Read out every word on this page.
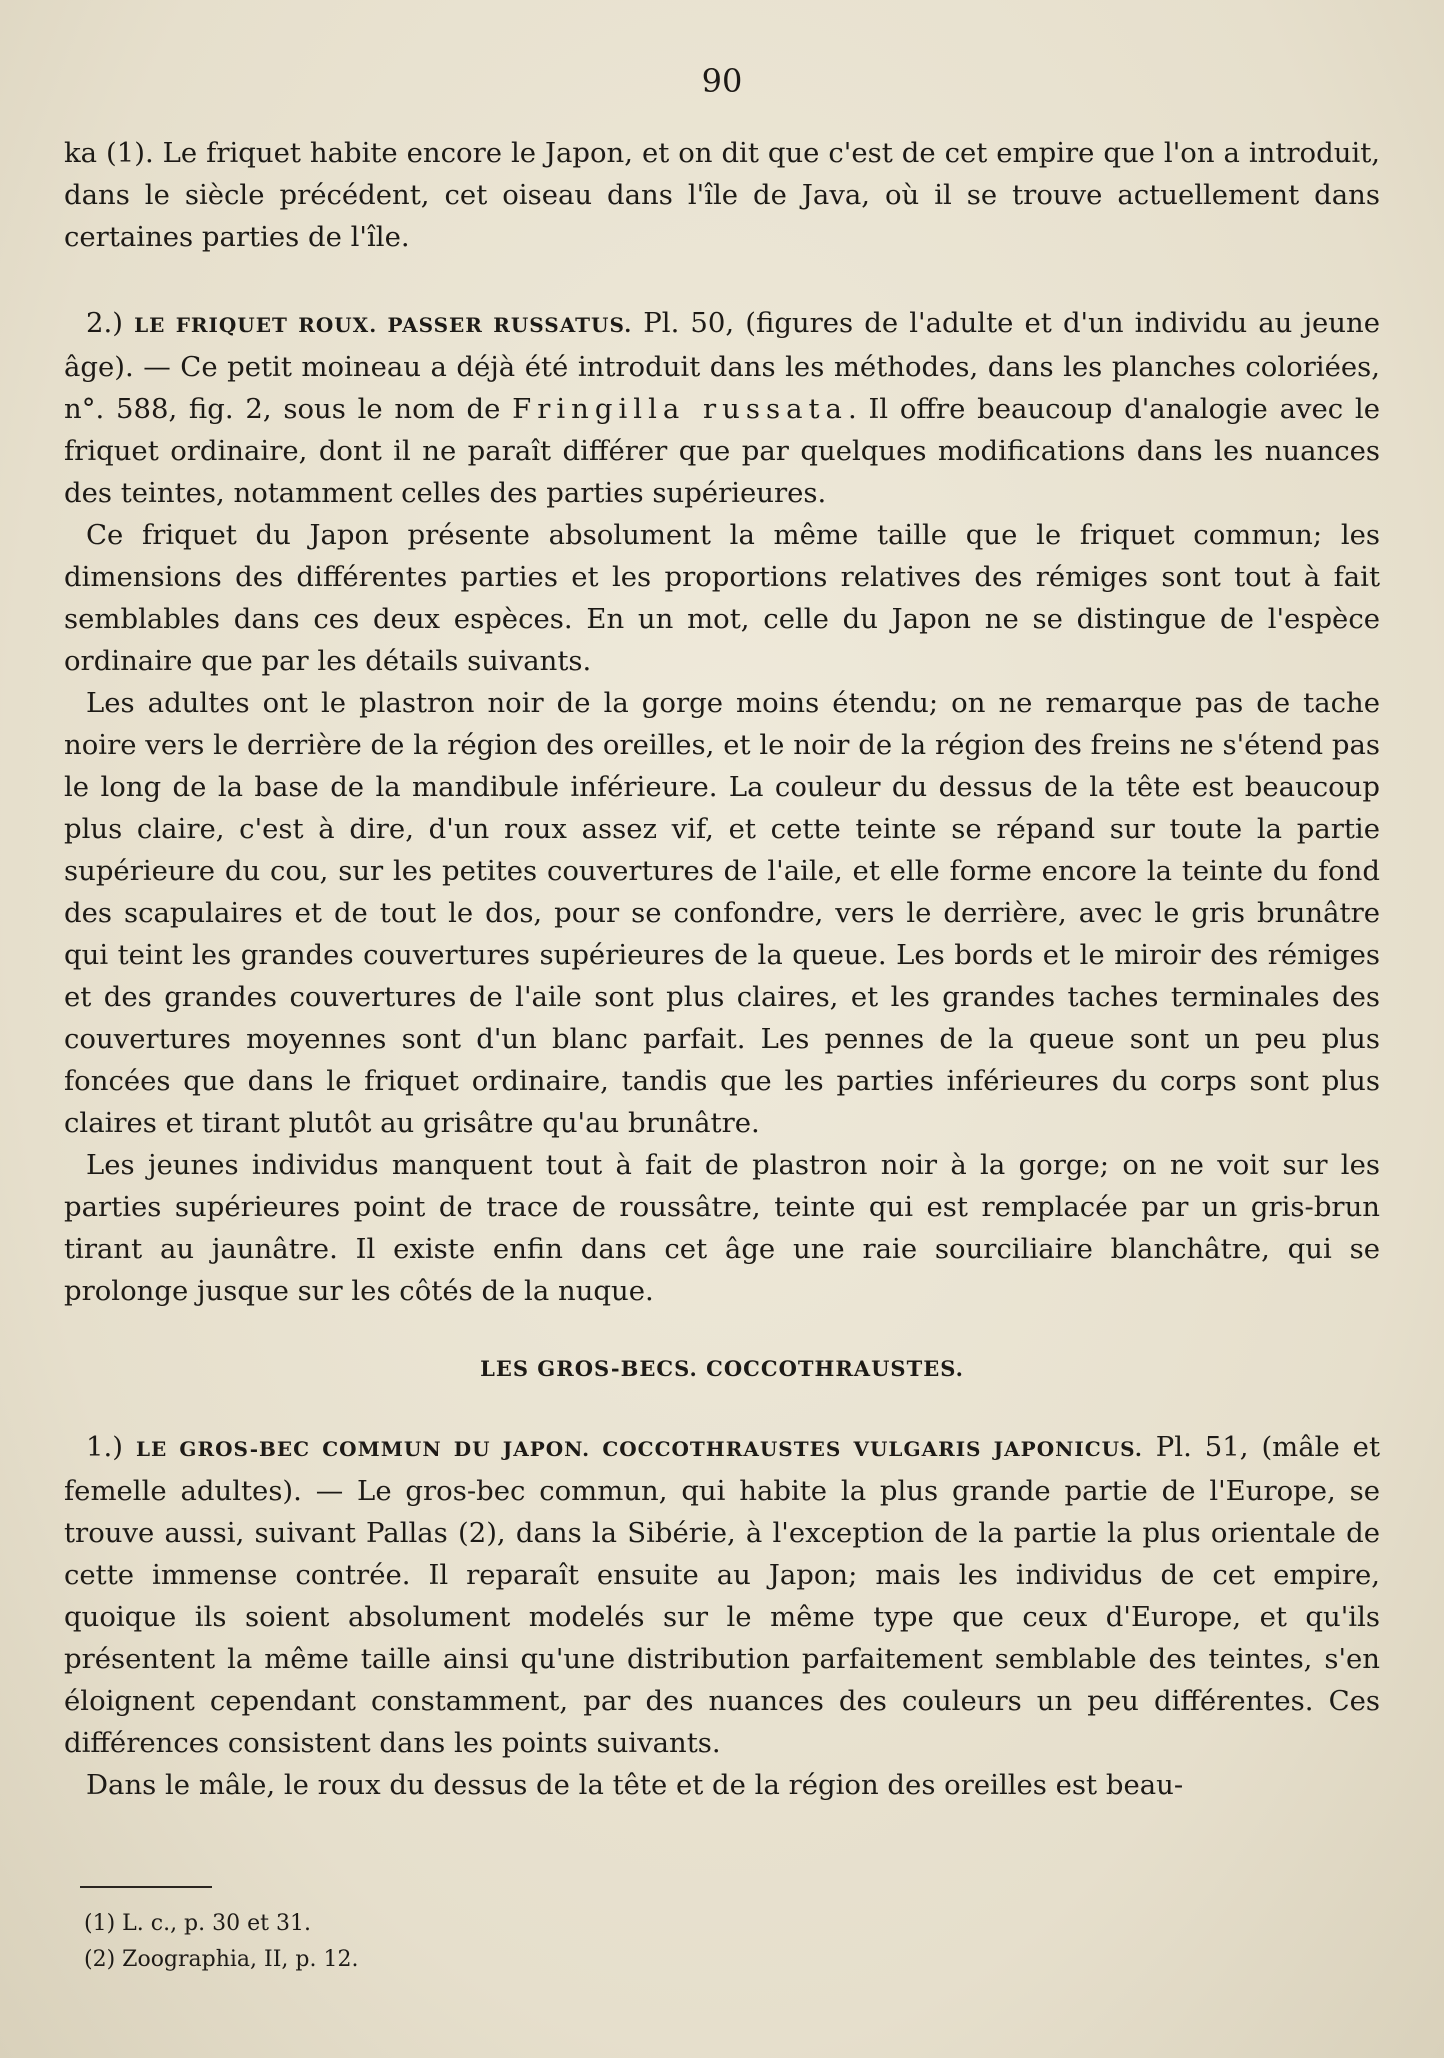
90

ka (1). Le friquet habite encore le Japon, et on dit que c'est de cet empire que l'on a introduit, dans le siècle précédent, cet oiseau dans l'île de Java, où il se trouve actuellement dans certaines parties de l'île.

2.) LE FRIQUET ROUX. PASSER RUSSATUS. Pl. 50, (figures de l'adulte et d'un individu au jeune âge). — Ce petit moineau a déjà été introduit dans les méthodes, dans les planches coloriées, n°. 588, fig. 2, sous le nom de Fringilla russata. Il offre beaucoup d'analogie avec le friquet ordinaire, dont il ne paraît différer que par quelques modifications dans les nuances des teintes, notamment celles des parties supérieures.

Ce friquet du Japon présente absolument la même taille que le friquet commun; les dimensions des différentes parties et les proportions relatives des rémiges sont tout à fait semblables dans ces deux espèces. En un mot, celle du Japon ne se distingue de l'espèce ordinaire que par les détails suivants.

Les adultes ont le plastron noir de la gorge moins étendu; on ne remarque pas de tache noire vers le derrière de la région des oreilles, et le noir de la région des freins ne s'étend pas le long de la base de la mandibule inférieure. La couleur du dessus de la tête est beaucoup plus claire, c'est à dire, d'un roux assez vif, et cette teinte se répand sur toute la partie supérieure du cou, sur les petites couvertures de l'aile, et elle forme encore la teinte du fond des scapulaires et de tout le dos, pour se confondre, vers le derrière, avec le gris brunâtre qui teint les grandes couvertures supérieures de la queue. Les bords et le miroir des rémiges et des grandes couvertures de l'aile sont plus claires, et les grandes taches terminales des couvertures moyennes sont d'un blanc parfait. Les pennes de la queue sont un peu plus foncées que dans le friquet ordinaire, tandis que les parties inférieures du corps sont plus claires et tirant plutôt au grisâtre qu'au brunâtre.

Les jeunes individus manquent tout à fait de plastron noir à la gorge; on ne voit sur les parties supérieures point de trace de roussâtre, teinte qui est remplacée par un gris-brun tirant au jaunâtre. Il existe enfin dans cet âge une raie sourciliaire blanchâtre, qui se prolonge jusque sur les côtés de la nuque.

LES GROS-BECS. COCCOTHRAUSTES.

1.) LE GROS-BEC COMMUN DU JAPON. COCCOTHRAUSTES VULGARIS JAPONICUS. Pl. 51, (mâle et femelle adultes). — Le gros-bec commun, qui habite la plus grande partie de l'Europe, se trouve aussi, suivant Pallas (2), dans la Sibérie, à l'exception de la partie la plus orientale de cette immense contrée. Il reparaît ensuite au Japon; mais les individus de cet empire, quoique ils soient absolument modelés sur le même type que ceux d'Europe, et qu'ils présentent la même taille ainsi qu'une distribution parfaitement semblable des teintes, s'en éloignent cependant constamment, par des nuances des couleurs un peu différentes. Ces différences consistent dans les points suivants.

Dans le mâle, le roux du dessus de la tête et de la région des oreilles est beau-

(1) L. c., p. 30 et 31.

(2) Zoographia, II, p. 12.
